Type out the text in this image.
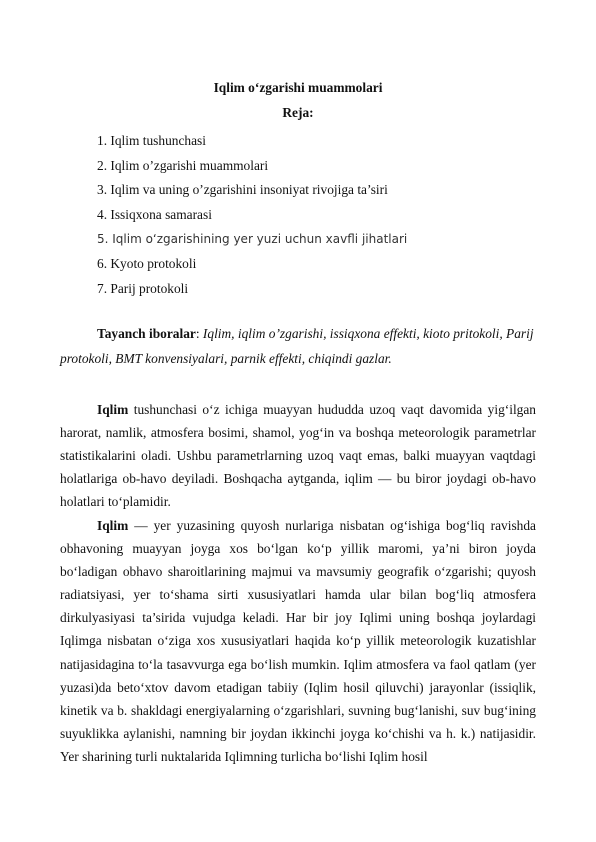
Iqlim o‘zgarishi muammolari
Reja:
1. Iqlim tushunchasi
2. Iqlim o’zgarishi muammolari
3. Iqlim va uning o’zgarishini insoniyat rivojiga ta’siri
4. Issiqxona samarasi
5. Iqlim o‘zgarishining yer yuzi uchun xavfli jihatlari
6. Kyoto protokoli
7. Parij protokoli
Tayanch iboralar: Iqlim, iqlim o’zgarishi, issiqxona effekti, kioto pritokoli, Parij protokoli, BMT konvensiyalari, parnik effekti, chiqindi gazlar.

Iqlim tushunchasi o‘z ichiga muayyan hududda uzoq vaqt davomida yig‘ilgan harorat, namlik, atmosfera bosimi, shamol, yog‘in va boshqa meteorologik parametrlar statistikalarini oladi. Ushbu parametrlarning uzoq vaqt emas, balki muayyan vaqtdagi holatlariga ob-havo deyiladi. Boshqacha aytganda, iqlim — bu biror joydagi ob-havo holatlari to‘plamidir.

Iqlim — yer yuzasining quyosh nurlariga nisbatan og‘ishiga bog‘liq ravishda obhavoning muayyan joyga xos bo‘lgan ko‘p yillik maromi, ya’ni biron joyda bo‘ladigan obhavo sharoitlarining majmui va mavsumiy geografik o‘zgarishi; quyosh radiatsiyasi, yer to‘shama sirti xususiyatlari hamda ular bilan bog‘liq atmosfera dirkulyasiyasi ta’sirida vujudga keladi. Har bir joy Iqlimi uning boshqa joylardagi Iqlimga nisbatan o‘ziga xos xususiyatlari haqida ko‘p yillik meteorologik kuzatishlar natijasidagina to‘la tasavvurga ega bo‘lish mumkin. Iqlim atmosfera va faol qatlam (yer yuzasi)da beto‘xtov davom etadigan tabiiy (Iqlim hosil qiluvchi) jarayonlar (issiqlik, kinetik va b. shakldagi energiyalarning o‘zgarishlari, suvning bug‘lanishi, suv bug‘ining suyuklikka aylanishi, namning bir joydan ikkinchi joyga ko‘chishi va h. k.) natijasidir. Yer sharining turli nuktalarida Iqlimning turlicha bo‘lishi Iqlim hosil
